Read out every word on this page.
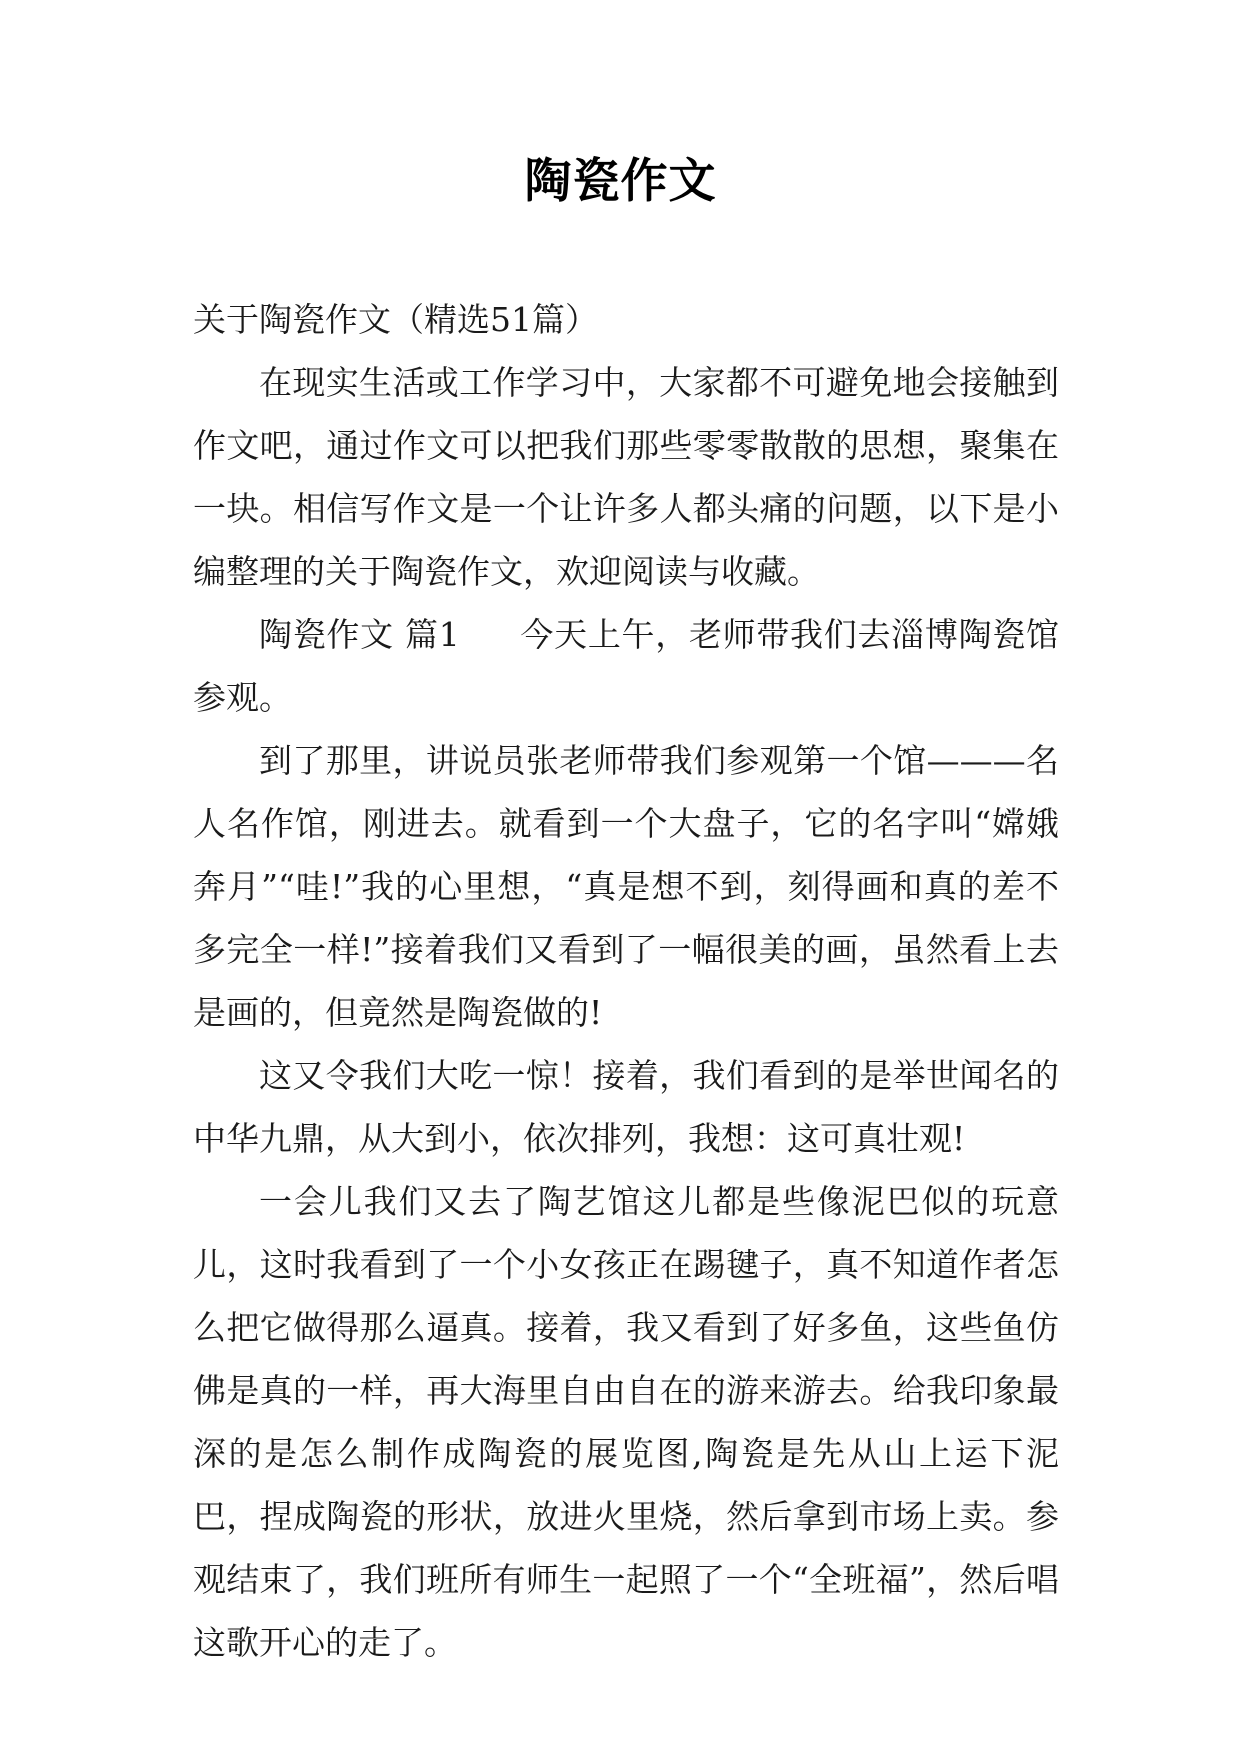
陶瓷作文

关于陶瓷作文（精选51篇）

在现实生活或工作学习中，大家都不可避免地会接触到作文吧，通过作文可以把我们那些零零散散的思想，聚集在一块。相信写作文是一个让许多人都头痛的问题，以下是小编整理的关于陶瓷作文，欢迎阅读与收藏。

陶瓷作文 篇1 今天上午，老师带我们去淄博陶瓷馆参观。

到了那里，讲说员张老师带我们参观第一个馆———名人名作馆，刚进去。就看到一个大盘子，它的名字叫“嫦娥奔月”“哇!”我的心里想，“真是想不到，刻得画和真的差不多完全一样!”接着我们又看到了一幅很美的画，虽然看上去是画的，但竟然是陶瓷做的!

这又令我们大吃一惊！接着，我们看到的是举世闻名的中华九鼎，从大到小，依次排列，我想：这可真壮观!

一会儿我们又去了陶艺馆这儿都是些像泥巴似的玩意儿，这时我看到了一个小女孩正在踢毽子，真不知道作者怎么把它做得那么逼真。接着，我又看到了好多鱼，这些鱼仿佛是真的一样，再大海里自由自在的游来游去。给我印象最深的是怎么制作成陶瓷的展览图,陶瓷是先从山上运下泥巴，捏成陶瓷的形状，放进火里烧，然后拿到市场上卖。参观结束了，我们班所有师生一起照了一个“全班福”，然后唱这歌开心的走了。
